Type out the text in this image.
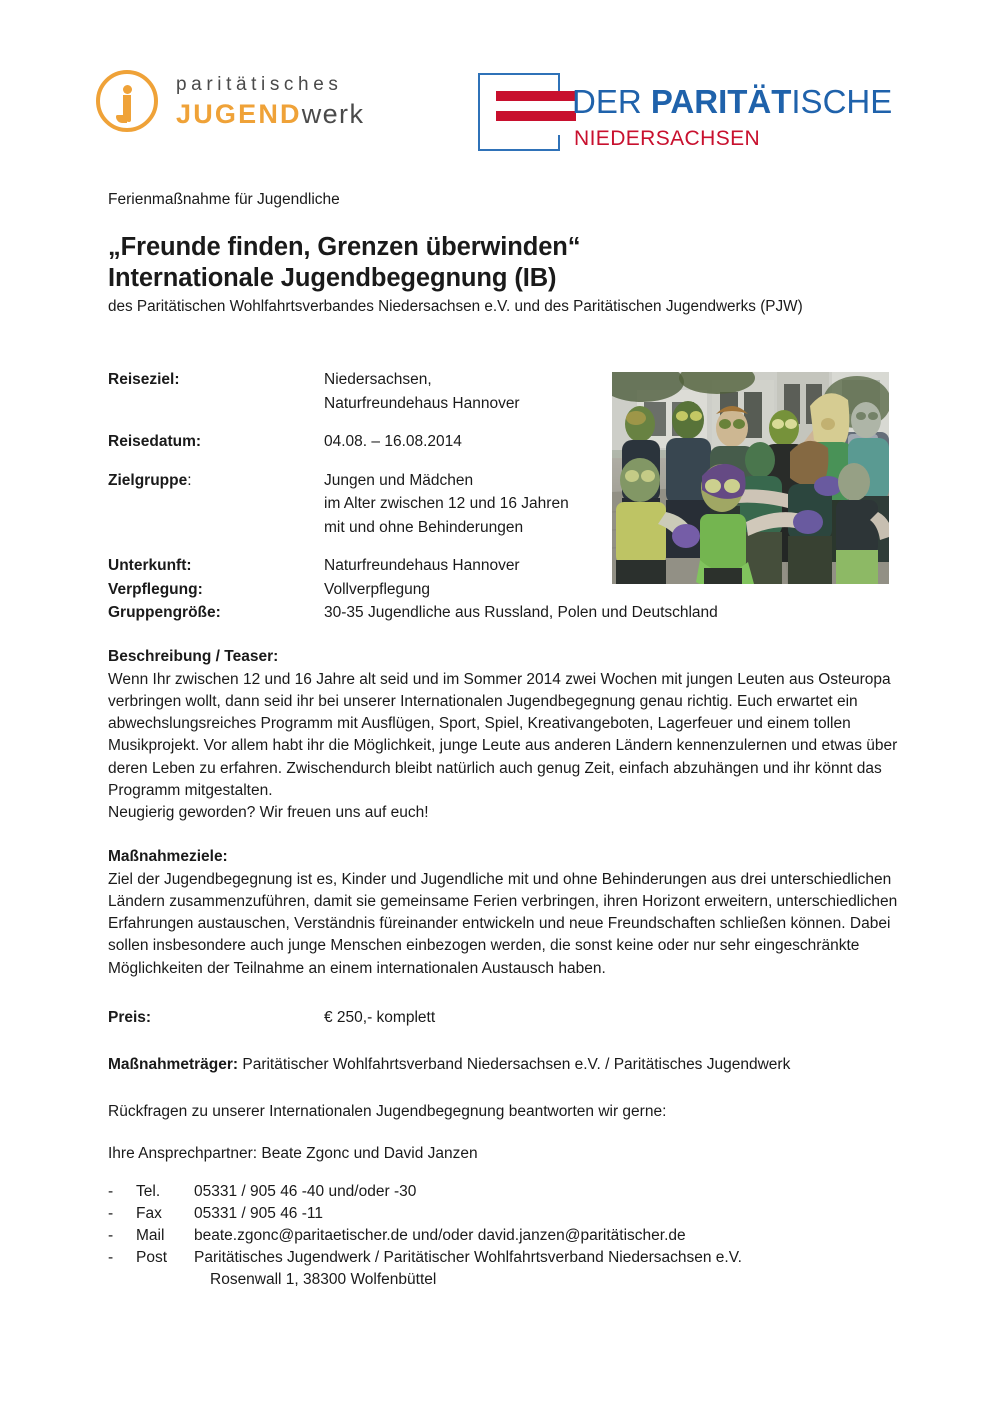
paritätisches
JUGENDwerk	DER PARITÄTISCHE
NIEDERSACHSEN

Ferienmaßnahme für Jugendliche

„Freunde finden, Grenzen überwinden“
Internationale Jugendbegegnung (IB)

des Paritätischen Wohlfahrtsverbandes Niedersachsen e.V. und des Paritätischen Jugendwerks (PJW)

Reiseziel:	Niedersachsen,
Naturfreundehaus Hannover
Reisedatum:	04.08. – 16.08.2014
Zielgruppe:	Jungen und Mädchen
im Alter zwischen 12 und 16 Jahren
mit und ohne Behinderungen
Unterkunft:	Naturfreundehaus Hannover
Verpflegung:	Vollverpflegung
Gruppengröße:	30-35 Jugendliche aus Russland, Polen und Deutschland
Beschreibung / Teaser:

Wenn Ihr zwischen 12 und 16 Jahre alt seid und im Sommer 2014 zwei Wochen mit jungen Leuten aus Osteuropa verbringen wollt, dann seid ihr bei unserer Internationalen Jugendbegegnung genau richtig. Euch erwartet ein abwechslungsreiches Programm mit Ausflügen, Sport, Spiel, Kreativangeboten, Lagerfeuer und einem tollen Musikprojekt. Vor allem habt ihr die Möglichkeit, junge Leute aus anderen Ländern kennenzulernen und etwas über deren Leben zu erfahren. Zwischendurch bleibt natürlich auch genug Zeit, einfach abzuhängen und ihr könnt das Programm mitgestalten.

Neugierig geworden? Wir freuen uns auf euch!

Maßnahmeziele:

Ziel der Jugendbegegnung ist es, Kinder und Jugendliche mit und ohne Behinderungen aus drei unterschiedlichen Ländern zusammenzuführen, damit sie gemeinsame Ferien verbringen, ihren Horizont erweitern, unterschiedlichen Erfahrungen austauschen, Verständnis füreinander entwickeln und neue Freundschaften schließen können. Dabei sollen insbesondere auch junge Menschen einbezogen werden, die sonst keine oder nur sehr eingeschränkte Möglichkeiten der Teilnahme an einem internationalen Austausch haben.

Preis:	€ 250,- komplett

Maßnahmeträger: Paritätischer Wohlfahrtsverband Niedersachsen e.V. / Paritätisches Jugendwerk

Rückfragen zu unserer Internationalen Jugendbegegnung beantworten wir gerne:

Ihre Ansprechpartner: Beate Zgonc und David Janzen

-	Tel.	05331 / 905 46 -40 und/oder -30
-	Fax	05331 / 905 46 -11
-	Mail	beate.zgonc@paritaetischer.de und/oder david.janzen@paritätischer.de
-	Post	Paritätisches Jugendwerk / Paritätischer Wohlfahrtsverband Niedersachsen e.V.
Rosenwall 1, 38300 Wolfenbüttel
